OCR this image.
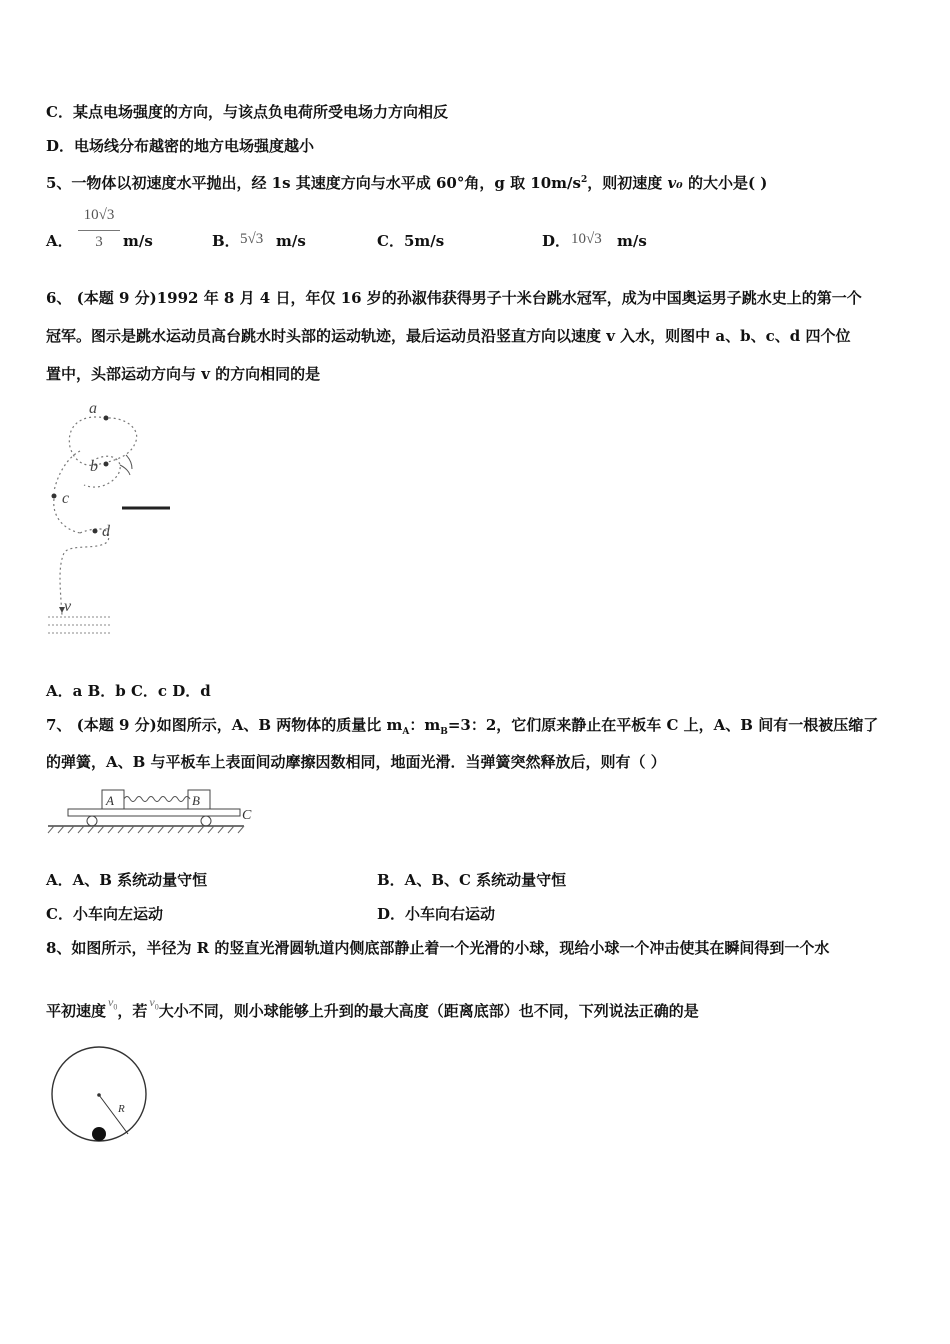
C．某点电场强度的方向，与该点负电荷所受电场力方向相反
D．电场线分布越密的地方电场强度越小
5、一物体以初速度水平抛出，经 1s 其速度方向与水平成 60°角，g 取 $10m/s^2$，则初速度 v₀ 的大小是( )
A．
10√3
3	m/s	B． 5√3 m/s	C．5m/s	D． 10√3 m/s
6、 (本题 9 分)1992 年 8 月 4 日，年仅 16 岁的孙淑伟获得男子十米台跳水冠军，成为中国奥运男子跳水史上的第一个
冠军。图示是跳水运动员高台跳水时头部的运动轨迹，最后运动员沿竖直方向以速度 v 入水，则图中 a、b、c、d 四个位
置中，头部运动方向与 v 的方向相同的是
a
b
c
d
v
A．a B．b C．c D．d
7、 (本题 9 分)如图所示，A、B 两物体的质量比 $m_A$：$m_B=3$：2，它们原来静止在平板车 C 上，A、B 间有一根被压缩了
的弹簧，A、B 与平板车上表面间动摩擦因数相同，地面光滑．当弹簧突然释放后，则有（ ）
A	B
C
A．A、B 系统动量守恒	B．A、B、C 系统动量守恒
C．小车向左运动	D．小车向右运动
8、如图所示，半径为 R 的竖直光滑圆轨道内侧底部静止着一个光滑的小球，现给小球一个冲击使其在瞬间得到一个水
平初速度 $^{v_0}$，若 $^{v_0}$大小不同，则小球能够上升到的最大高度（距离底部）也不同，下列说法正确的是
R
